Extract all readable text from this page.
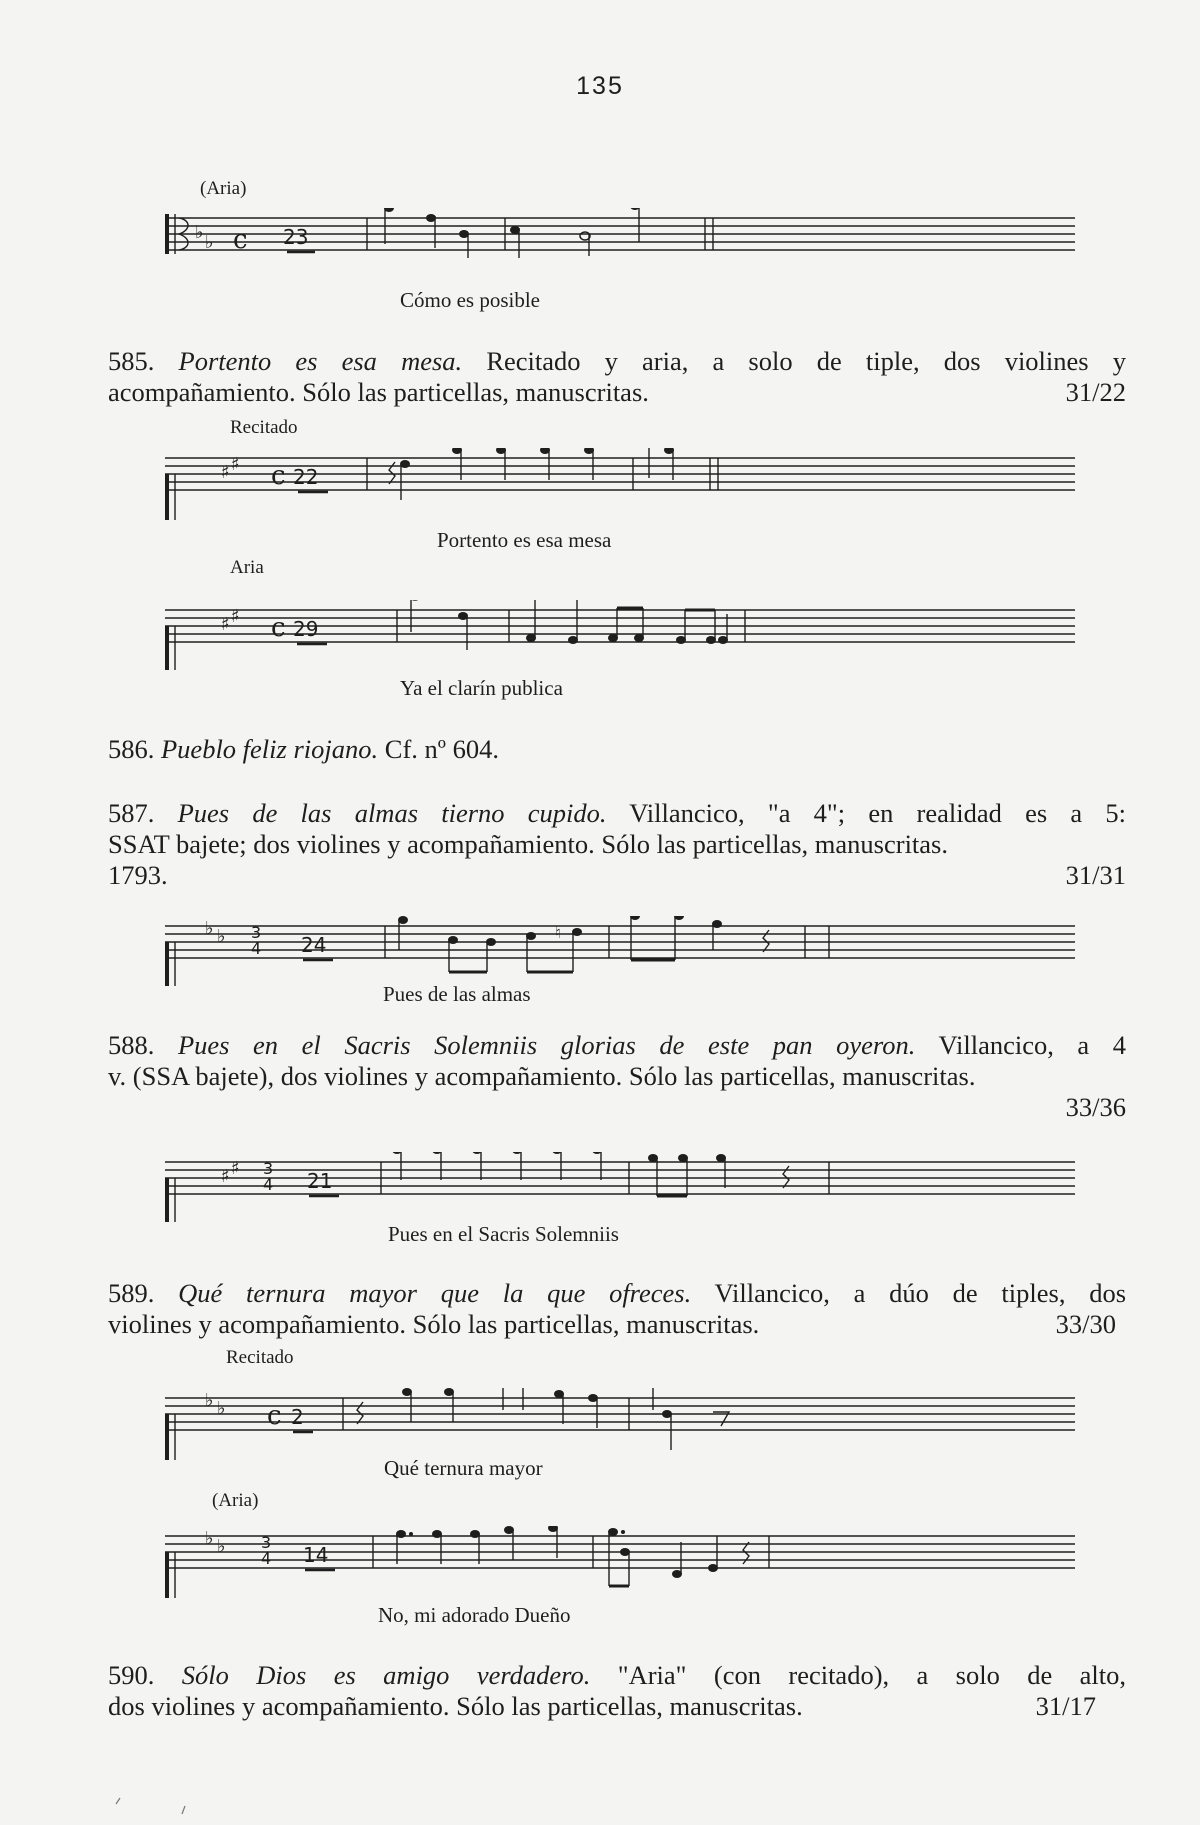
135
(Aria)
♭ ♭ c 23
Cómo es posible
585. Portento es esa mesa. Recitado y aria, a solo de tiple, dos violines y
acompañamiento. Sólo las particellas, manuscritas.	31/22
Recitado
♯
♯ c 22
Portento es esa mesa
Aria
♯
♯ c 29
Ya el clarín publica
586. Pueblo feliz riojano. Cf. nº 604.
587. Pues de las almas tierno cupido. Villancico, "a 4"; en realidad es a 5:
SSAT bajete; dos violines y acompañamiento. Sólo las particellas, manuscritas.
1793.	31/31
♭ ♭ 3
4
♮
24
Pues de las almas
588. Pues en el Sacris Solemniis glorias de este pan oyeron. Villancico, a 4
v. (SSA bajete), dos violines y acompañamiento. Sólo las particellas, manuscritas.
33/36
♯
♯ 3
4 21
Pues en el Sacris Solemniis
589. Qué ternura mayor que la que ofreces. Villancico, a dúo de tiples, dos
violines y acompañamiento. Sólo las particellas, manuscritas.	33/30
Recitado
♭ ♭ c 2
Qué ternura mayor
(Aria)
♭ ♭ 3
4 14
No, mi adorado Dueño
590. Sólo Dios es amigo verdadero. "Aria" (con recitado), a solo de alto,
dos violines y acompañamiento. Sólo las particellas, manuscritas.	31/17
